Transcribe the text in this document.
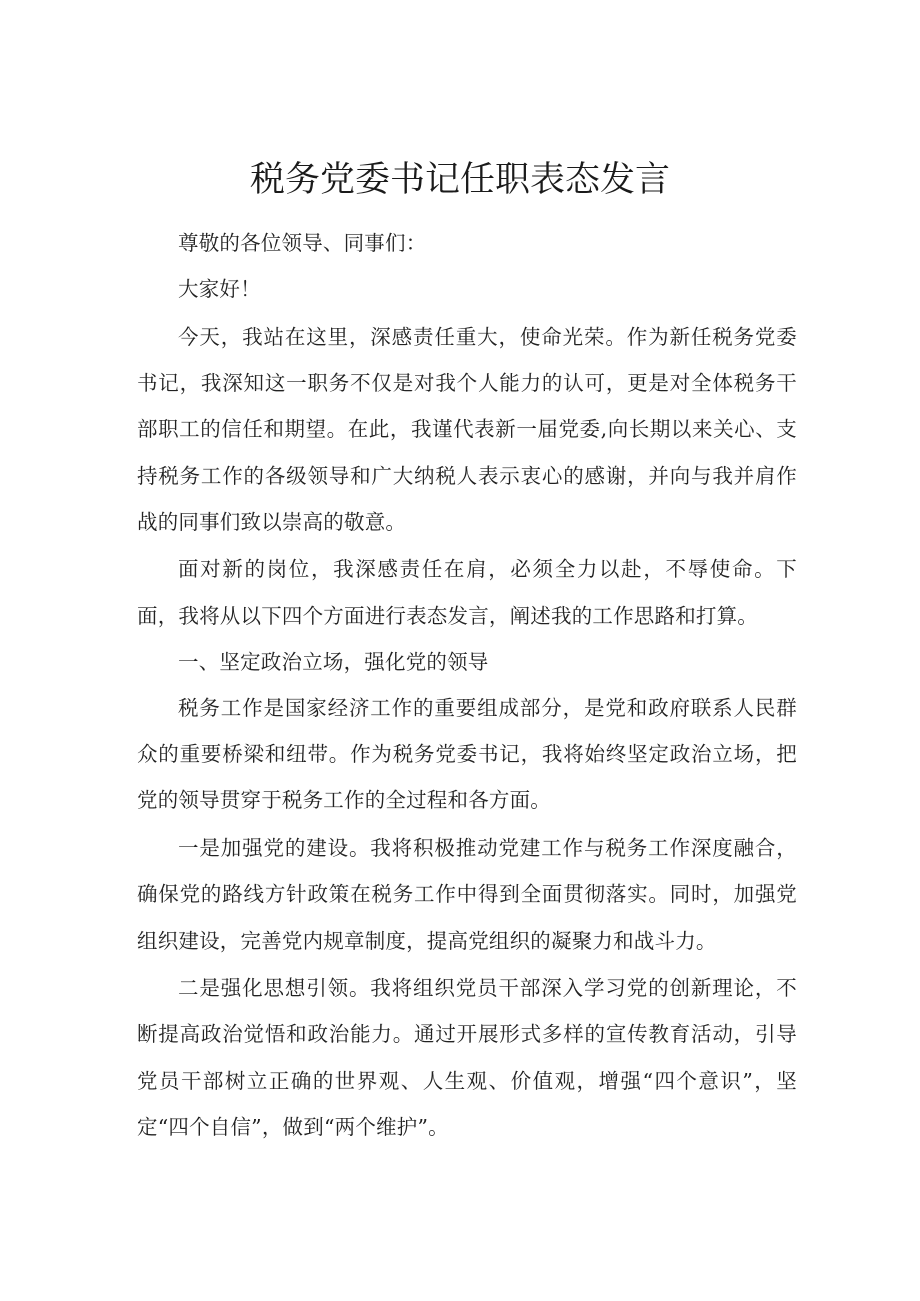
税务党委书记任职表态发言

尊敬的各位领导、同事们：

大家好！

今天，我站在这里，深感责任重大，使命光荣。作为新任税务党委书记，我深知这一职务不仅是对我个人能力的认可，更是对全体税务干部职工的信任和期望。在此，我谨代表新一届党委,向长期以来关心、支持税务工作的各级领导和广大纳税人表示衷心的感谢，并向与我并肩作战的同事们致以崇高的敬意。

面对新的岗位，我深感责任在肩，必须全力以赴，不辱使命。下面，我将从以下四个方面进行表态发言，阐述我的工作思路和打算。

一、坚定政治立场，强化党的领导

税务工作是国家经济工作的重要组成部分，是党和政府联系人民群众的重要桥梁和纽带。作为税务党委书记，我将始终坚定政治立场，把党的领导贯穿于税务工作的全过程和各方面。

一是加强党的建设。我将积极推动党建工作与税务工作深度融合，确保党的路线方针政策在税务工作中得到全面贯彻落实。同时，加强党组织建设，完善党内规章制度，提高党组织的凝聚力和战斗力。

二是强化思想引领。我将组织党员干部深入学习党的创新理论，不断提高政治觉悟和政治能力。通过开展形式多样的宣传教育活动，引导党员干部树立正确的世界观、人生观、价值观，增强“四个意识”，坚定“四个自信”，做到“两个维护”。
